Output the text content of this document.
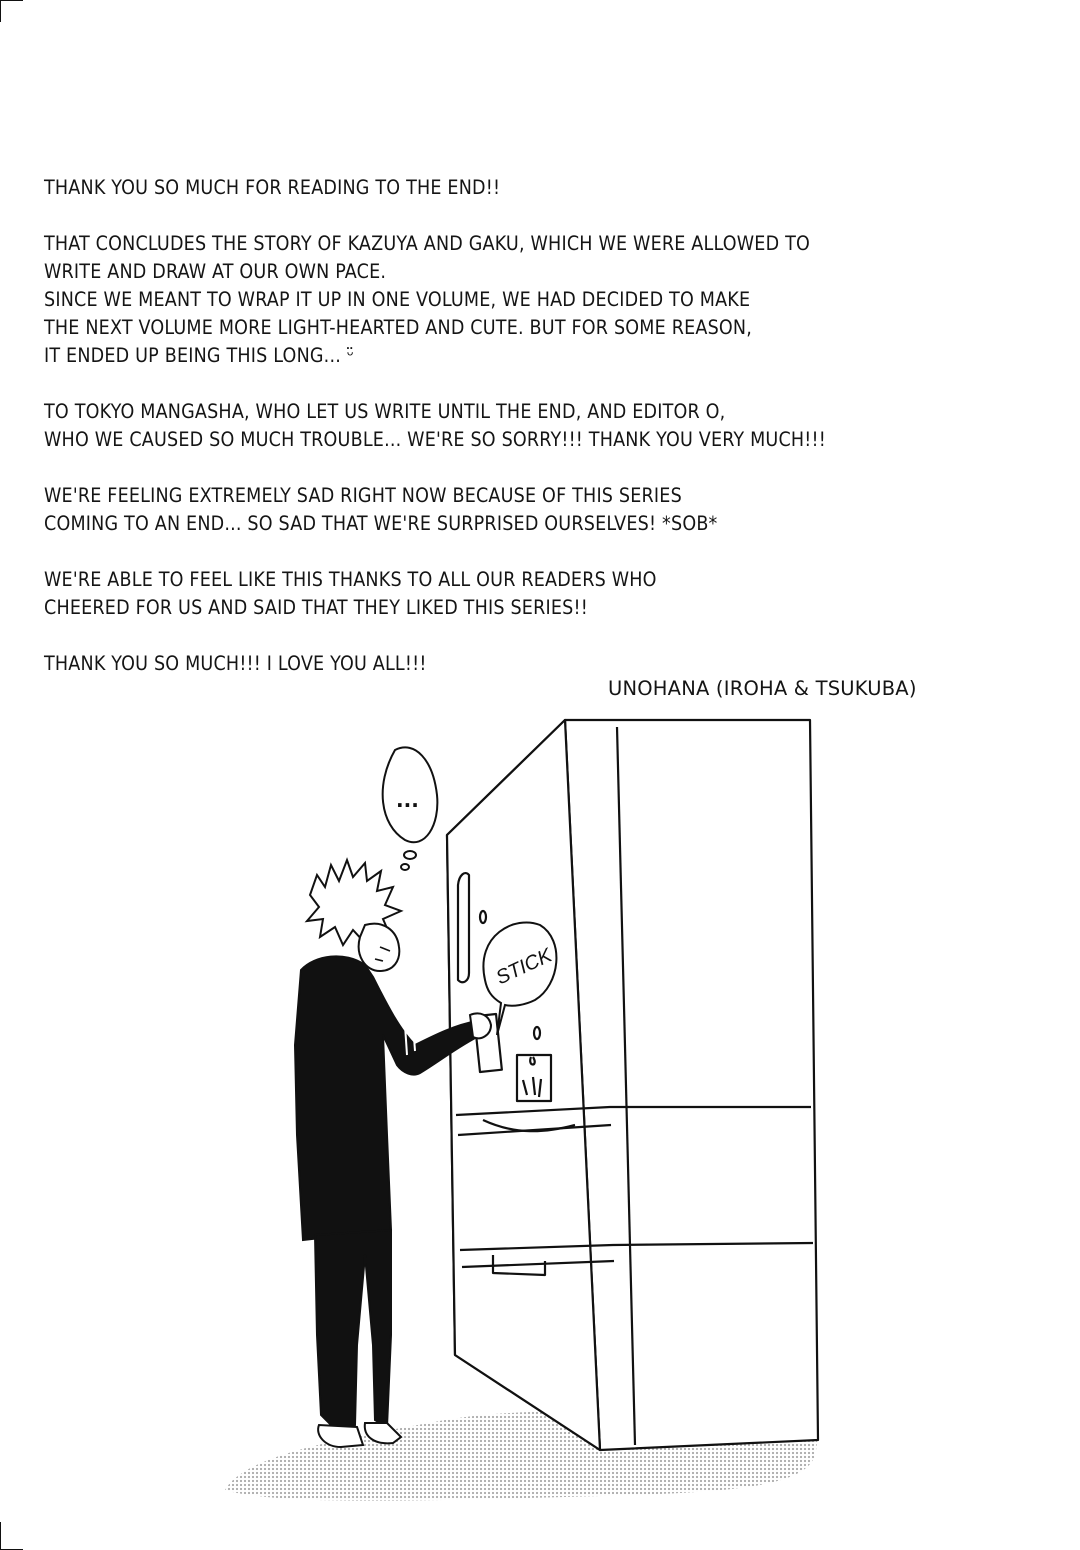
THANK YOU SO MUCH FOR READING TO THE END!!

THAT CONCLUDES THE STORY OF KAZUYA AND GAKU, WHICH WE WERE ALLOWED TO
WRITE AND DRAW AT OUR OWN PACE.
SINCE WE MEANT TO WRAP IT UP IN ONE VOLUME, WE HAD DECIDED TO MAKE
THE NEXT VOLUME MORE LIGHT-HEARTED AND CUTE. BUT FOR SOME REASON,
IT ENDED UP BEING THIS LONG... ᵕ̈

TO TOKYO MANGASHA, WHO LET US WRITE UNTIL THE END, AND EDITOR O,
WHO WE CAUSED SO MUCH TROUBLE... WE'RE SO SORRY!!! THANK YOU VERY MUCH!!!

WE'RE FEELING EXTREMELY SAD RIGHT NOW BECAUSE OF THIS SERIES
COMING TO AN END... SO SAD THAT WE'RE SURPRISED OURSELVES! *SOB*

WE'RE ABLE TO FEEL LIKE THIS THANKS TO ALL OUR READERS WHO
CHEERED FOR US AND SAID THAT THEY LIKED THIS SERIES!!

THANK YOU SO MUCH!!! I LOVE YOU ALL!!!

UNOHANA (IROHA & TSUKUBA)
STICK
...
